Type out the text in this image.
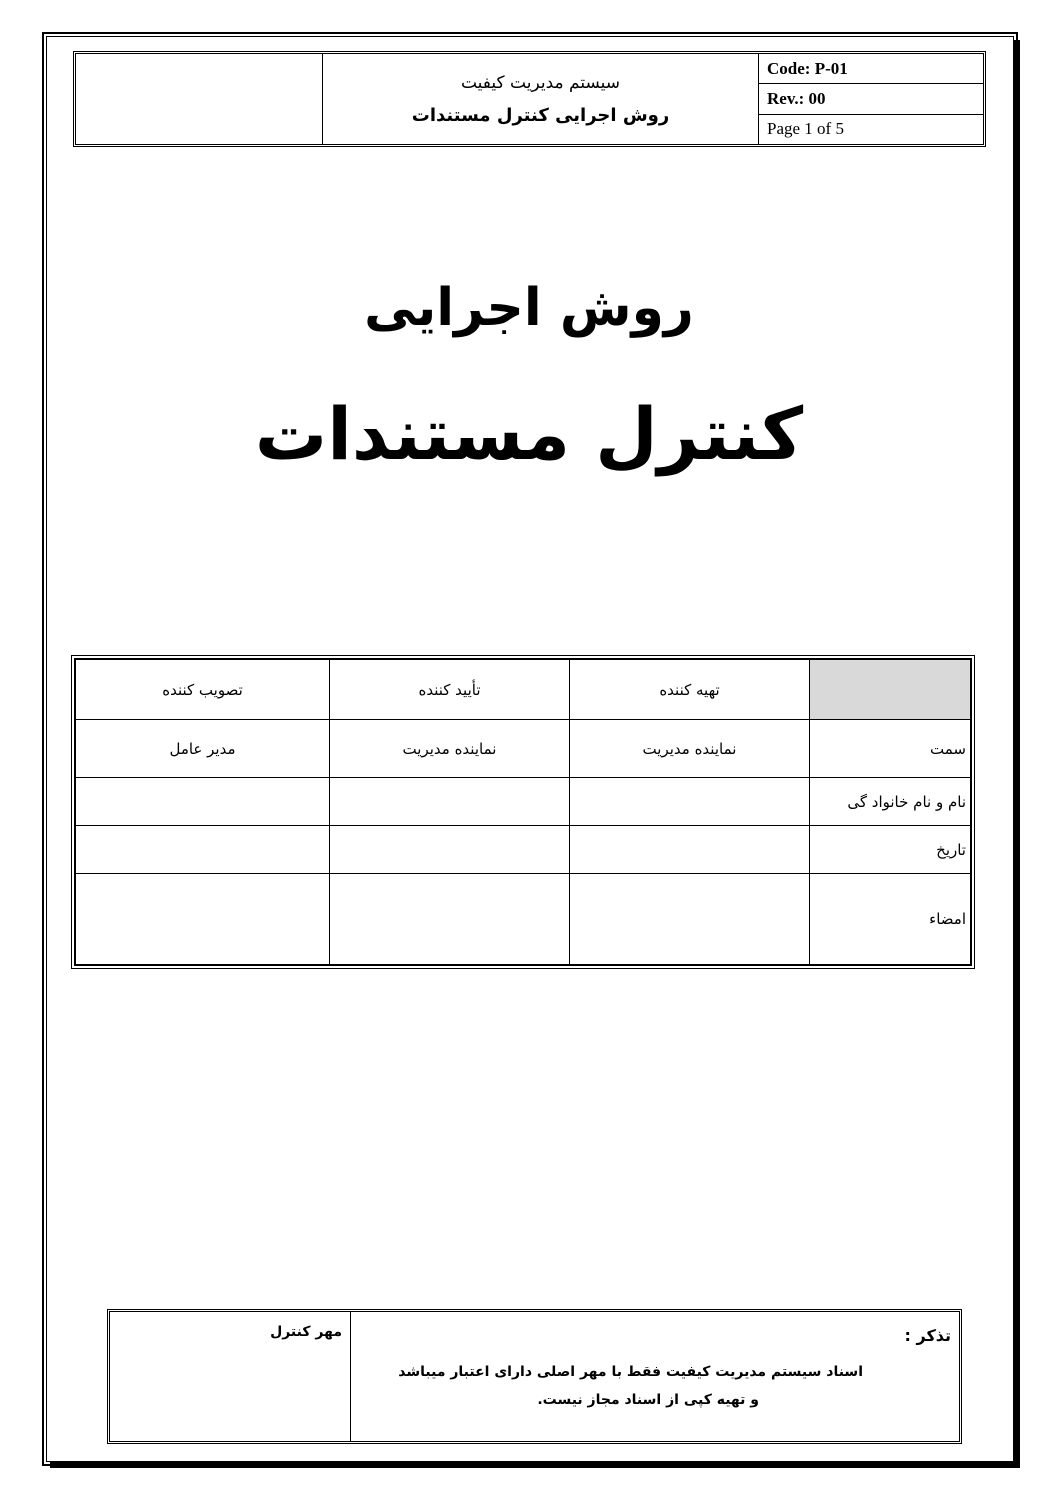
سیستم مدیریت کیفیت
روش اجرایی کنترل مستندات
Code: P-01
Rev.: 00
Page 1 of 5
روش اجرایی
کنترل مستندات
	تهیه کننده	تأیید کننده	تصویب کننده
سمت	نماینده مدیریت	نماینده مدیریت	مدیر عامل
نام و نام خانواد گی			
تاریخ			
امضاء			
تذکر :
اسناد سیستم مدیریت کیفیت فقط با مهر اصلی دارای اعتبار میباشد
و تهیه کپی از اسناد مجاز نیست.
مهر کنترل
